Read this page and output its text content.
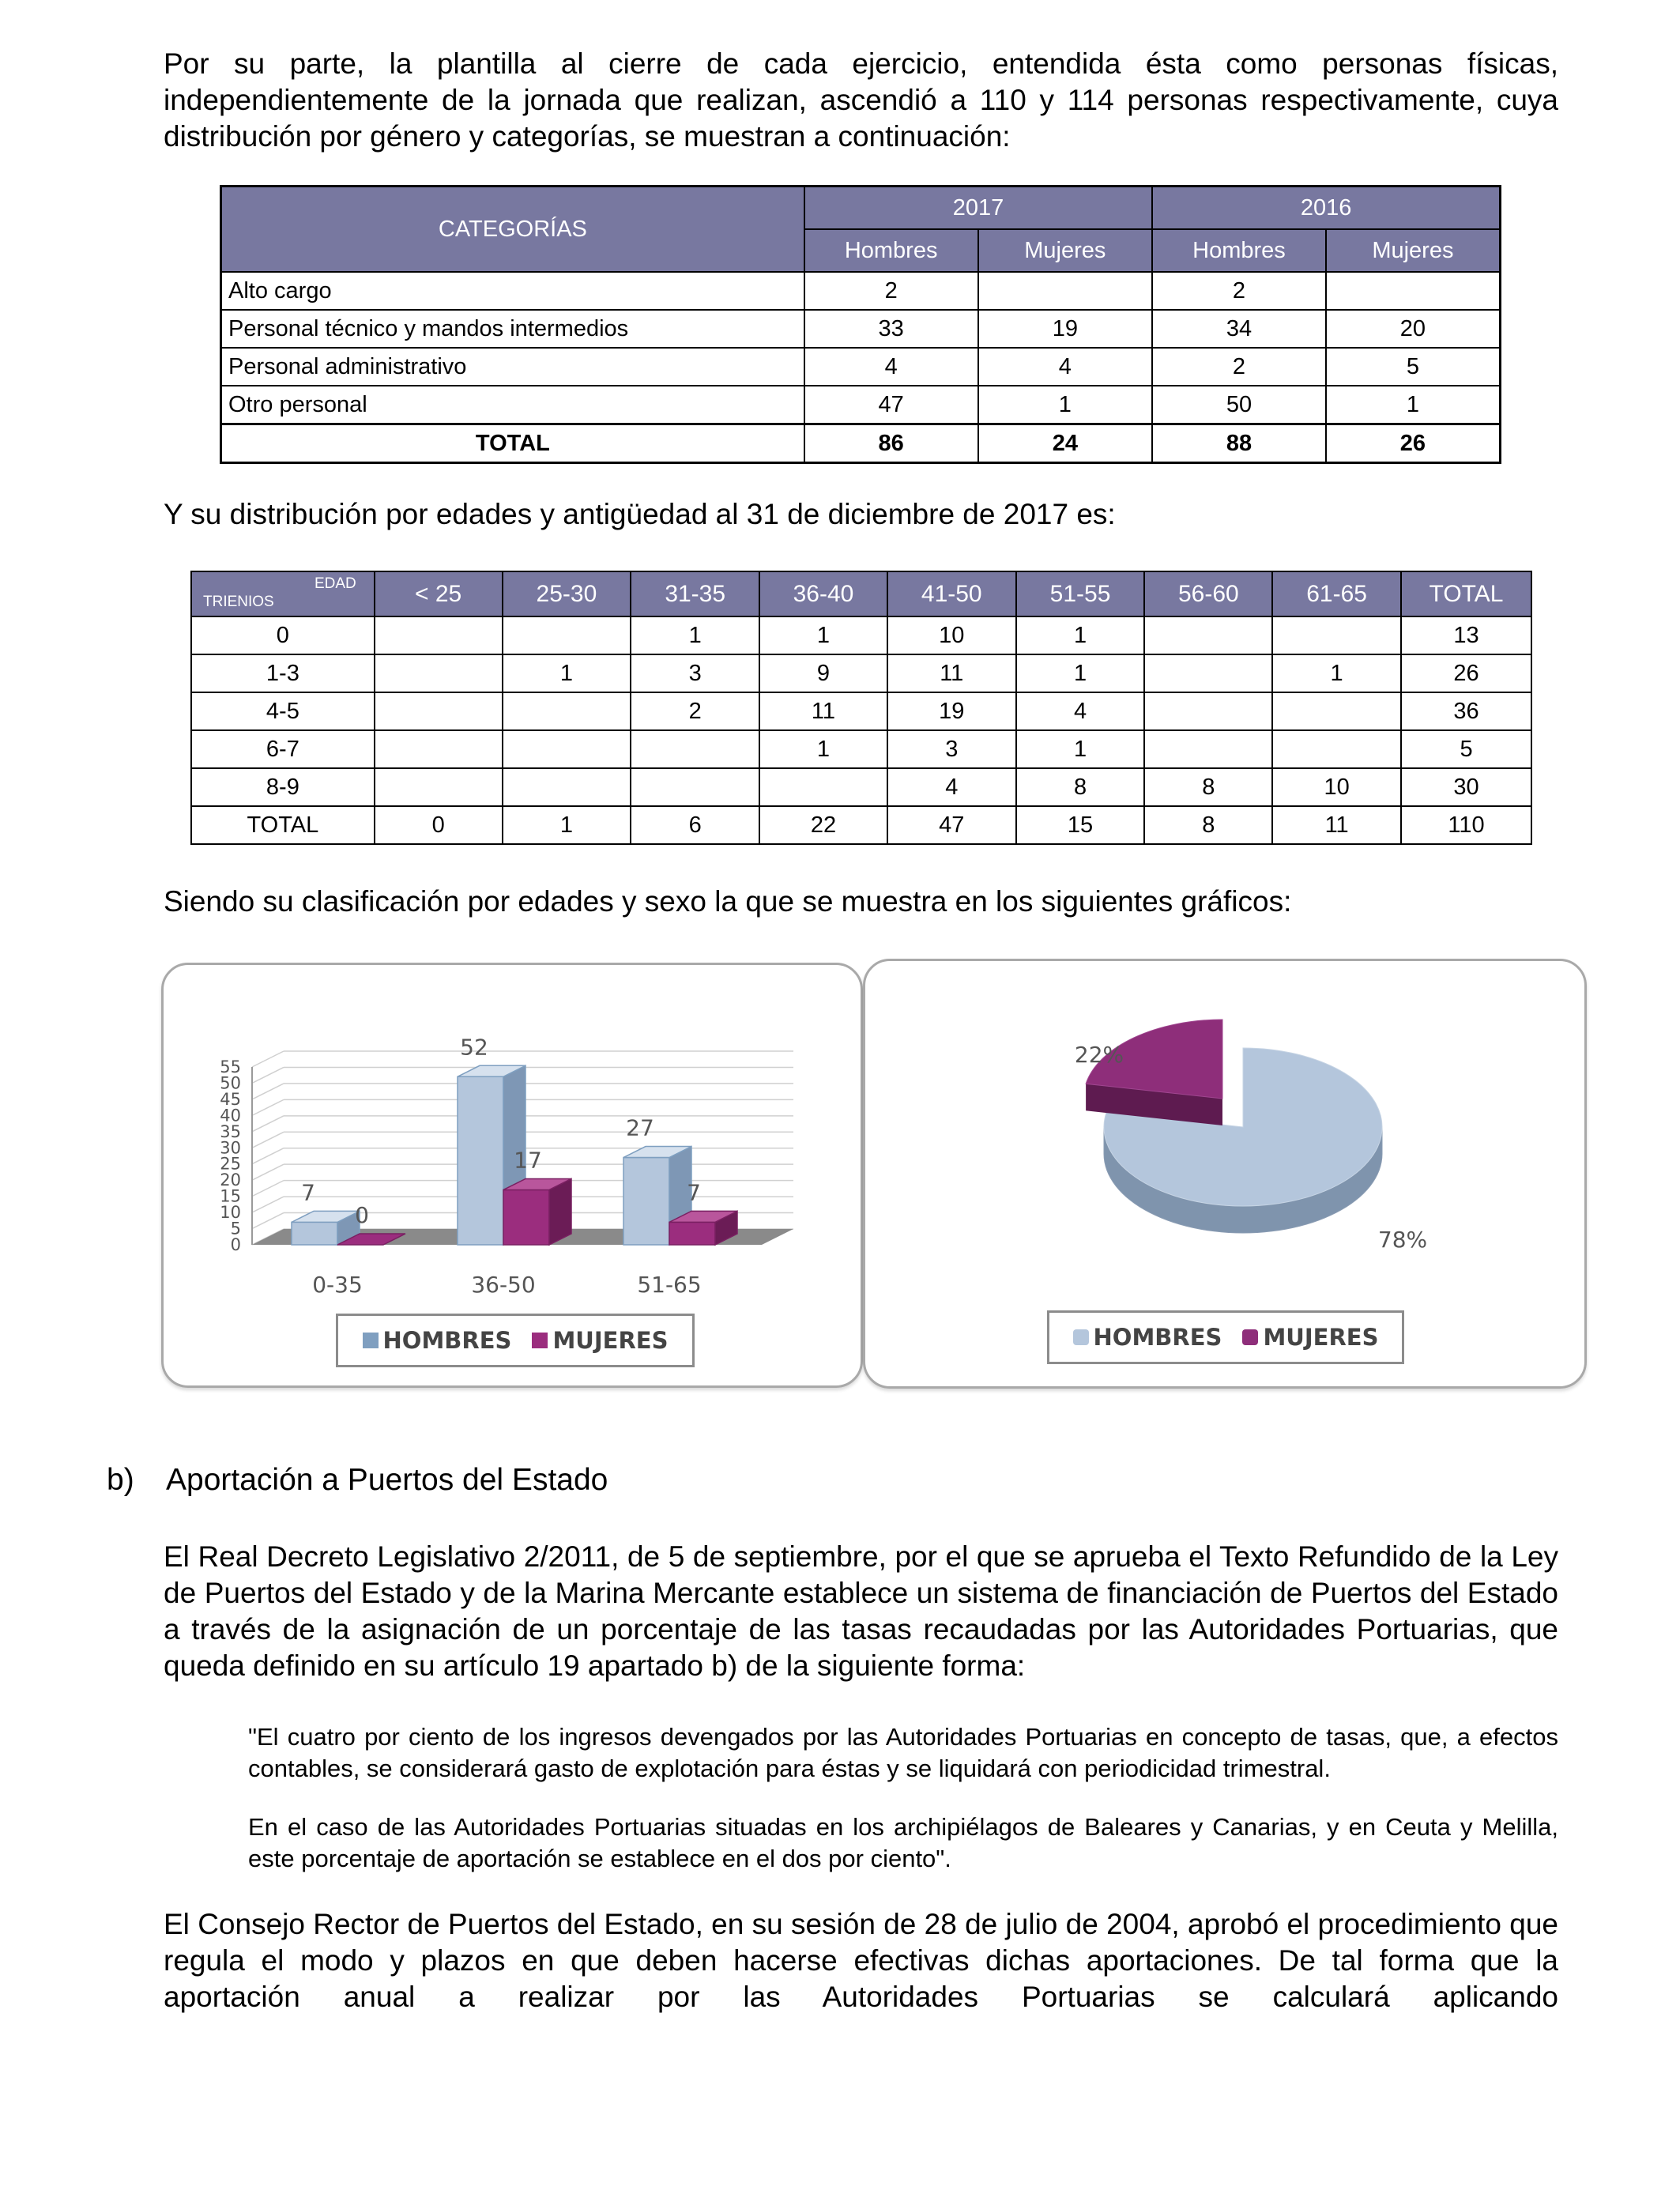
Por su parte, la plantilla al cierre de cada ejercicio, entendida ésta como personas físicas, independientemente de la jornada que realizan, ascendió a 110 y 114 personas respectivamente, cuya distribución por género y categorías, se muestran a continuación:

CATEGORÍAS	2017		2016	
	Hombres	Mujeres	Hombres	Mujeres
Alto cargo	2		2	
Personal técnico y mandos intermedios	33	19	34	20
Personal administrativo	4	4	2	5
Otro personal	47	1	50	1
TOTAL	86	24	88	26

Y su distribución por edades y antigüedad al 31 de diciembre de 2017 es:

EDAD
TRIENIOS	< 25	25-30	31-35	36-40	41-50	51-55	56-60	61-65	TOTAL
0			1	1	10	1			13
1-3		1	3	9	11	1		1	26
4-5			2	11	19	4			36
6-7				1	3	1			5
8-9					4	8	8	10	30
TOTAL	0	1	6	22	47	15	8	11	110

Siendo su clasificación por edades y sexo la que se muestra en los siguientes gráficos:

0
5
10
15
20
25
30
35
40
45
50
55
7
0
0-35
52
17
36-50
27
7
51-65
HOMBRES MUJERES
22%
78%
HOMBRES MUJERES
b) Aportación a Puertos del Estado

El Real Decreto Legislativo 2/2011, de 5 de septiembre, por el que se aprueba el Texto Refundido de la Ley de Puertos del Estado y de la Marina Mercante establece un sistema de financiación de Puertos del Estado a través de la asignación de un porcentaje de las tasas recaudadas por las Autoridades Portuarias, que queda definido en su artículo 19 apartado b) de la siguiente forma:

"El cuatro por ciento de los ingresos devengados por las Autoridades Portuarias en concepto de tasas, que, a efectos contables, se considerará gasto de explotación para éstas y se liquidará con periodicidad trimestral.

En el caso de las Autoridades Portuarias situadas en los archipiélagos de Baleares y Canarias, y en Ceuta y Melilla, este porcentaje de aportación se establece en el dos por ciento".

El Consejo Rector de Puertos del Estado, en su sesión de 28 de julio de 2004, aprobó el procedimiento que regula el modo y plazos en que deben hacerse efectivas dichas aportaciones. De tal forma que la aportación anual a realizar por las Autoridades Portuarias se calculará aplicando
